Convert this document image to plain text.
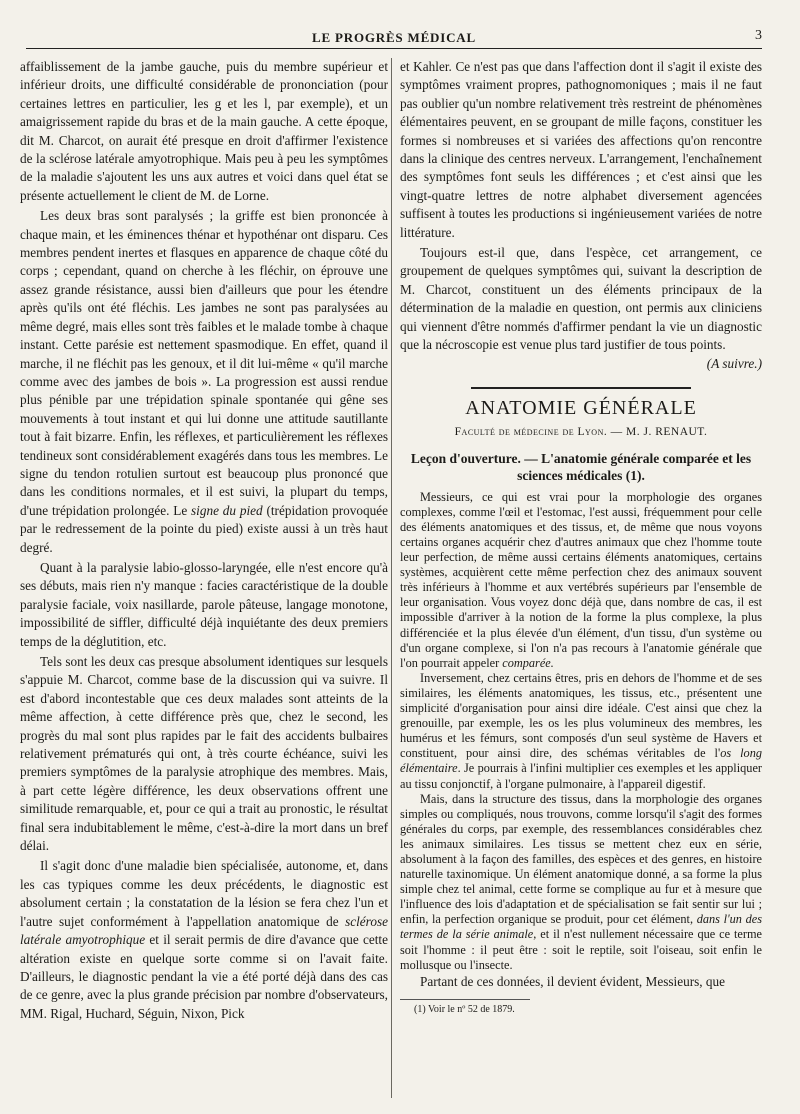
LE PROGRÈS MÉDICAL	3

affaiblissement de la jambe gauche, puis du membre supérieur et inférieur droits, une difficulté considérable de prononciation (pour certaines lettres en particulier, les g et les l, par exemple), et un amaigrissement rapide du bras et de la main gauche. A cette époque, dit M. Charcot, on aurait été presque en droit d'affirmer l'existence de la sclérose latérale amyotrophique. Mais peu à peu les symptômes de la maladie s'ajoutent les uns aux autres et voici dans quel état se présente actuellement le client de M. de Lorne.

Les deux bras sont paralysés ; la griffe est bien prononcée à chaque main, et les éminences thénar et hypothénar ont disparu. Ces membres pendent inertes et flasques en apparence de chaque côté du corps ; cependant, quand on cherche à les fléchir, on éprouve une assez grande résistance, aussi bien d'ailleurs que pour les étendre après qu'ils ont été fléchis. Les jambes ne sont pas paralysées au même degré, mais elles sont très faibles et le malade tombe à chaque instant. Cette parésie est nettement spasmodique. En effet, quand il marche, il ne fléchit pas les genoux, et il dit lui-même « qu'il marche comme avec des jambes de bois ». La progression est aussi rendue plus pénible par une trépidation spinale spontanée qui gêne ses mouvements à tout instant et qui lui donne une attitude sautillante tout à fait bizarre. Enfin, les réflexes, et particulièrement les réflexes tendineux sont considérablement exagérés dans tous les membres. Le signe du tendon rotulien surtout est beaucoup plus prononcé que dans les conditions normales, et il est suivi, la plupart du temps, d'une trépidation prolongée. Le signe du pied (trépidation provoquée par le redressement de la pointe du pied) existe aussi à un très haut degré.

Quant à la paralysie labio-glosso-laryngée, elle n'est encore qu'à ses débuts, mais rien n'y manque : facies caractéristique de la double paralysie faciale, voix nasillarde, parole pâteuse, langage monotone, impossibilité de siffler, difficulté déjà inquiétante des deux premiers temps de la déglutition, etc.

Tels sont les deux cas presque absolument identiques sur lesquels s'appuie M. Charcot, comme base de la discussion qui va suivre. Il est d'abord incontestable que ces deux malades sont atteints de la même affection, à cette différence près que, chez le second, les progrès du mal sont plus rapides par le fait des accidents bulbaires relativement prématurés qui ont, à très courte échéance, suivi les premiers symptômes de la paralysie atrophique des membres. Mais, à part cette légère différence, les deux observations offrent une similitude remarquable, et, pour ce qui a trait au pronostic, le résultat final sera indubitablement le même, c'est-à-dire la mort dans un bref délai.

Il s'agit donc d'une maladie bien spécialisée, autonome, et, dans les cas typiques comme les deux précédents, le diagnostic est absolument certain ; la constatation de la lésion se fera chez l'un et l'autre sujet conformément à l'appellation anatomique de sclérose latérale amyotrophique et il serait permis de dire d'avance que cette altération existe en quelque sorte comme si on l'avait faite. D'ailleurs, le diagnostic pendant la vie a été porté déjà dans des cas de ce genre, avec la plus grande précision par nombre d'observateurs, MM. Rigal, Huchard, Séguin, Nixon, Pick

et Kahler. Ce n'est pas que dans l'affection dont il s'agit il existe des symptômes vraiment propres, pathognomoniques ; mais il ne faut pas oublier qu'un nombre relativement très restreint de phénomènes élémentaires peuvent, en se groupant de mille façons, constituer les formes si nombreuses et si variées des affections qu'on rencontre dans la clinique des centres nerveux. L'arrangement, l'enchaînement des symptômes font seuls les différences ; et c'est ainsi que les vingt-quatre lettres de notre alphabet diversement agencées suffisent à toutes les productions si ingénieusement variées de notre littérature.

Toujours est-il que, dans l'espèce, cet arrangement, ce groupement de quelques symptômes qui, suivant la description de M. Charcot, constituent un des éléments principaux de la détermination de la maladie en question, ont permis aux cliniciens qui viennent d'être nommés d'affirmer pendant la vie un diagnostic que la nécroscopie est venue plus tard justifier de tous points.

(A suivre.)

ANATOMIE GÉNÉRALE
Faculté de médecine de Lyon. — M. J. RENAUT.
Leçon d'ouverture. — L'anatomie générale comparée et les sciences médicales (1).

Messieurs, ce qui est vrai pour la morphologie des organes complexes, comme l'œil et l'estomac, l'est aussi, fréquemment pour celle des éléments anatomiques et des tissus, et, de même que nous voyons certains organes acquérir chez d'autres animaux que chez l'homme toute leur perfection, de même aussi certains éléments anatomiques, certains systèmes, acquièrent cette même perfection chez des animaux souvent très inférieurs à l'homme et aux vertébrés supérieurs par l'ensemble de leur organisation. Vous voyez donc déjà que, dans nombre de cas, il est impossible d'arriver à la notion de la forme la plus complexe, la plus différenciée et la plus élevée d'un élément, d'un tissu, d'un système ou d'un organe complexe, si l'on n'a pas recours à l'anatomie générale que l'on pourrait appeler comparée.

Inversement, chez certains êtres, pris en dehors de l'homme et de ses similaires, les éléments anatomiques, les tissus, etc., présentent une simplicité d'organisation pour ainsi dire idéale. C'est ainsi que chez la grenouille, par exemple, les os les plus volumineux des membres, les humérus et les fémurs, sont composés d'un seul système de Havers et constituent, pour ainsi dire, des schémas véritables de l'os long élémentaire. Je pourrais à l'infini multiplier ces exemples et les appliquer au tissu conjonctif, à l'organe pulmonaire, à l'appareil digestif.

Mais, dans la structure des tissus, dans la morphologie des organes simples ou compliqués, nous trouvons, comme lorsqu'il s'agit des formes générales du corps, par exemple, des ressemblances considérables chez les animaux similaires. Les tissus se mettent chez eux en série, absolument à la façon des familles, des espèces et des genres, en histoire naturelle taxinomique. Un élément anatomique donné, a sa forme la plus simple chez tel animal, cette forme se complique au fur et à mesure que l'influence des lois d'adaptation et de spécialisation se fait sentir sur lui ; enfin, la perfection organique se produit, pour cet élément, dans l'un des termes de la série animale, et il n'est nullement nécessaire que ce terme soit l'homme : il peut être : soit le reptile, soit l'oiseau, soit enfin le mollusque ou l'insecte.

Partant de ces données, il devient évident, Messieurs, que

(1) Voir le nº 52 de 1879.
